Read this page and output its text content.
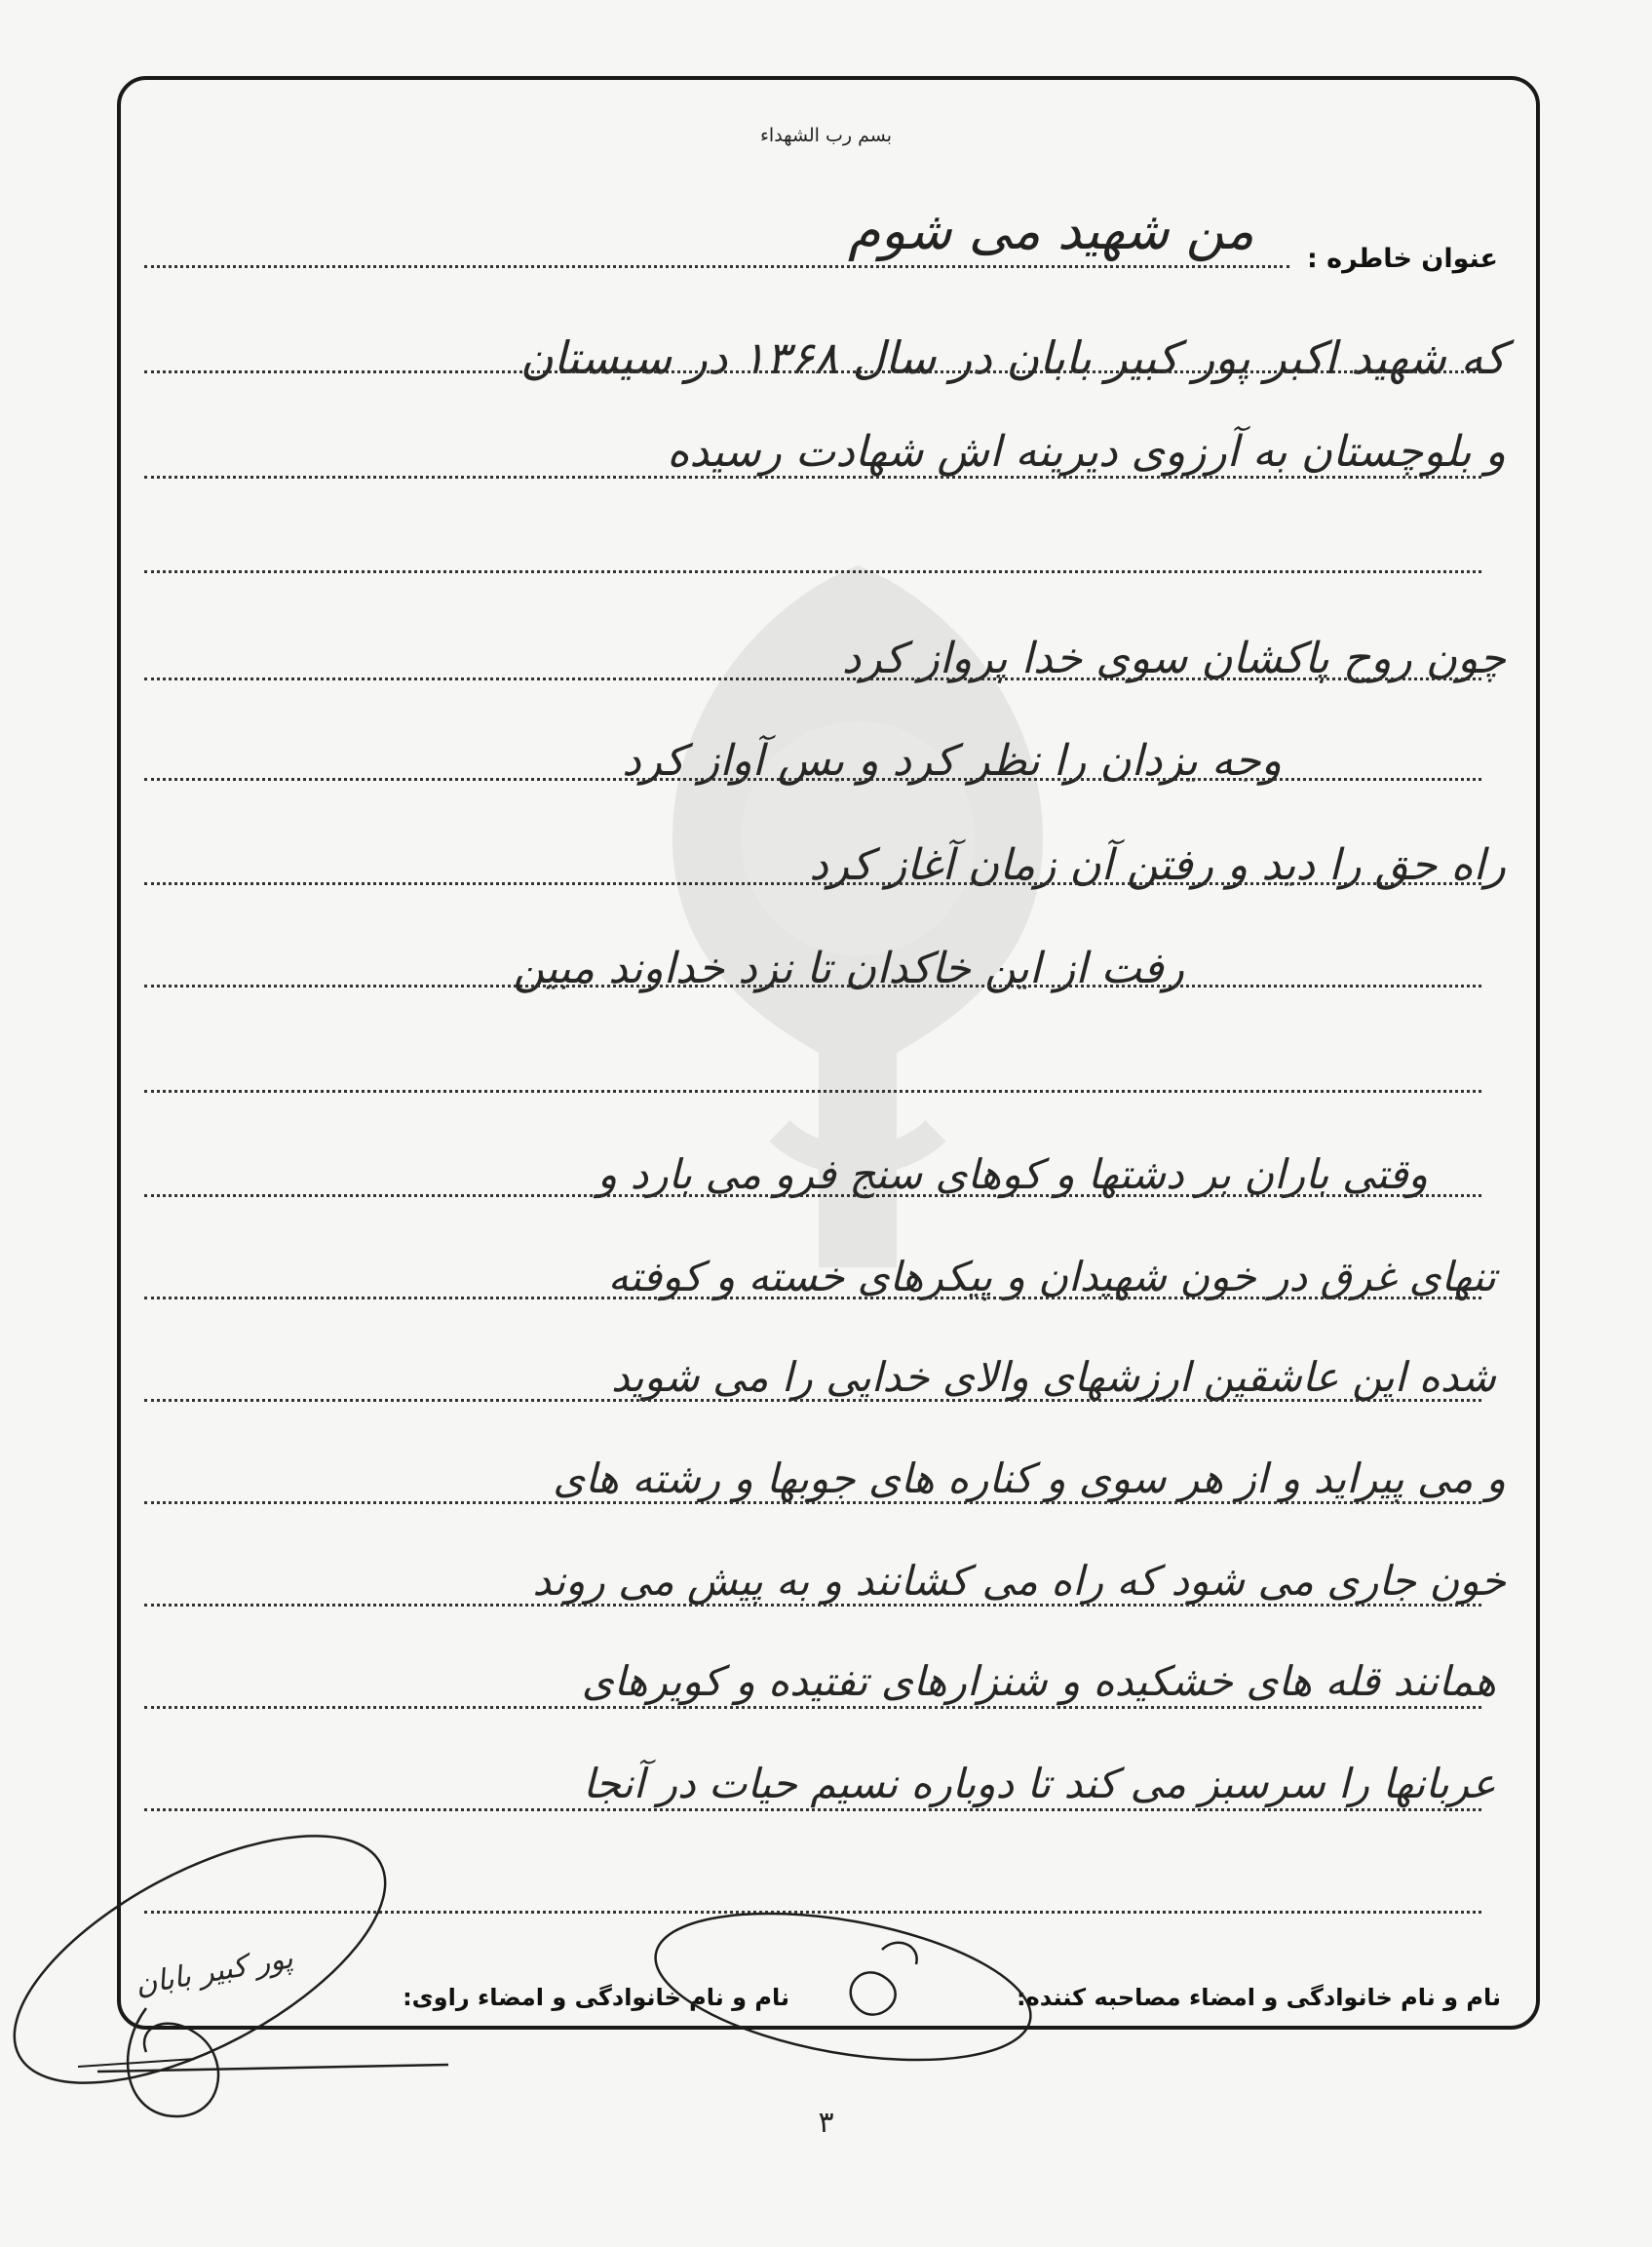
بسم رب الشهداء
عنوان خاطره :
من شهید می شوم
که شهید اکبر پور کبیر بابان در سال ۱۳۶۸ در سیستان
و بلوچستان به آرزوی دیرینه اش شهادت رسیده
چون روح پاکشان سوی خدا پرواز کرد
وجه یزدان را نظر کرد و بس آواز کرد
راه حق را دید و رفتن آن زمان آغاز کرد
رفت از این خاکدان تا نزد خداوند مبین
وقتی باران بر دشتها و کوهای سنج فرو می بارد و
تنهای غرق در خون شهیدان و پیکرهای خسته و کوفته
شده این عاشقین ارزشهای والای خدایی را می شوید
و می پیراید و از هر سوی و کناره های جوبها و رشته های
خون جاری می شود که راه می کشانند و به پیش می روند
همانند قله های خشکیده و شنزارهای تفتیده و کویرهای
عربانها را سرسبز می کند تا دوباره نسیم حیات در آنجا
نام و نام خانوادگی و امضاء مصاحبه کننده:
نام و نام خانوادگی و امضاء راوی:
پور کبیر بابان
۳
